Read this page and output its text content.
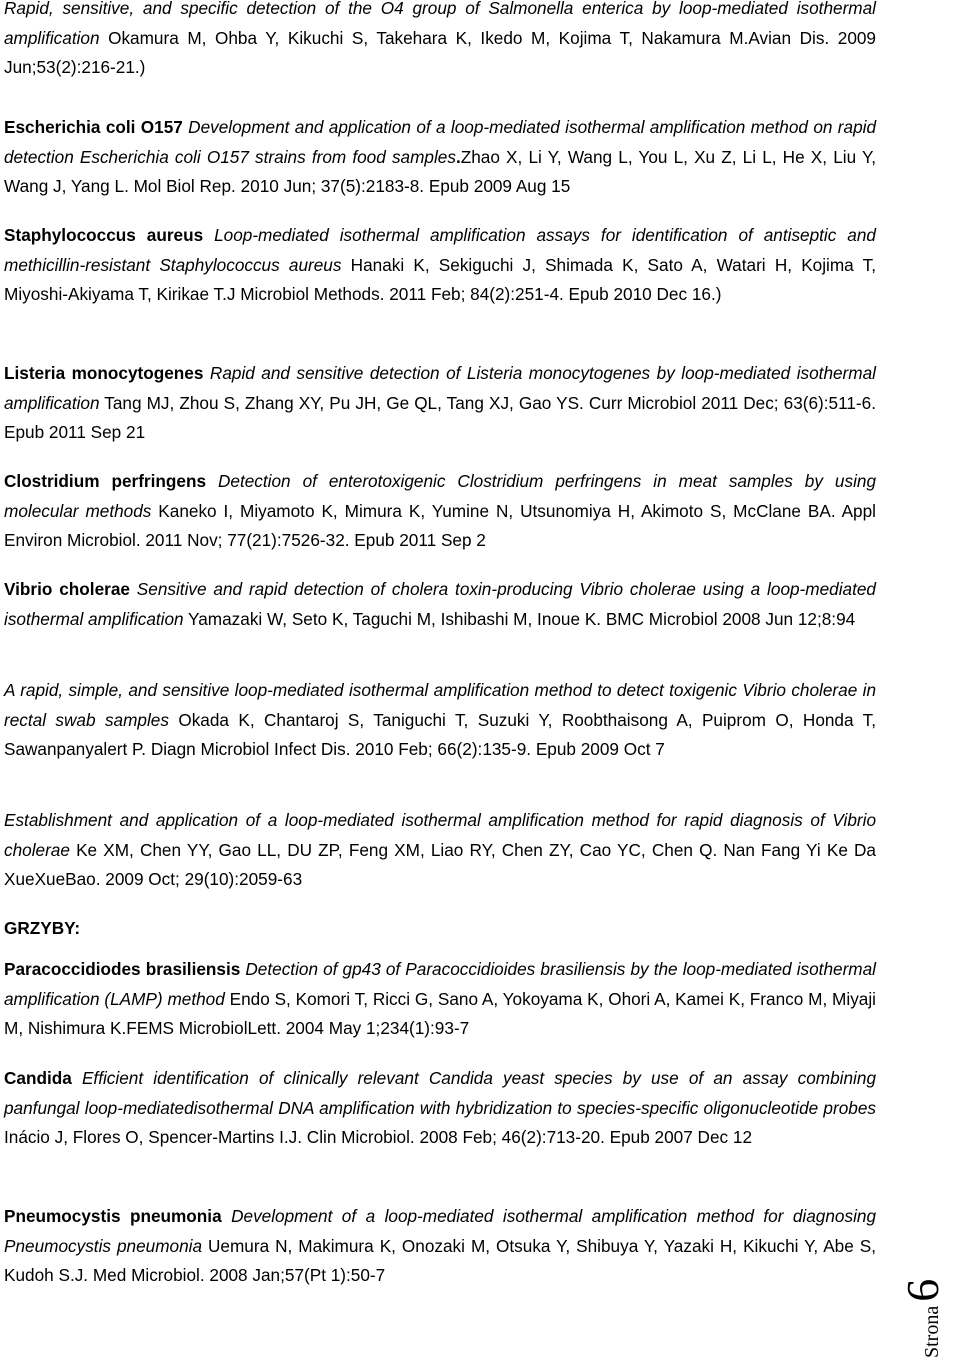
Rapid, sensitive, and specific detection of the O4 group of Salmonella enterica by loop-mediated isothermal amplification Okamura M, Ohba Y, Kikuchi S, Takehara K, Ikedo M, Kojima T, Nakamura M.Avian Dis. 2009 Jun;53(2):216-21.)

Escherichia coli O157 Development and application of a loop-mediated isothermal amplification method on rapid detection Escherichia coli O157 strains from food samples.Zhao X, Li Y, Wang L, You L, Xu Z, Li L, He X, Liu Y, Wang J, Yang L. Mol Biol Rep. 2010 Jun; 37(5):2183-8. Epub 2009 Aug 15

Staphylococcus aureus Loop-mediated isothermal amplification assays for identification of antiseptic and methicillin-resistant Staphylococcus aureus Hanaki K, Sekiguchi J, Shimada K, Sato A, Watari H, Kojima T, Miyoshi-Akiyama T, Kirikae T.J Microbiol Methods. 2011 Feb; 84(2):251-4. Epub 2010 Dec 16.)

Listeria monocytogenes Rapid and sensitive detection of Listeria monocytogenes by loop-mediated isothermal amplification Tang MJ, Zhou S, Zhang XY, Pu JH, Ge QL, Tang XJ, Gao YS. Curr Microbiol 2011 Dec; 63(6):511-6. Epub 2011 Sep 21

Clostridium perfringens Detection of enterotoxigenic Clostridium perfringens in meat samples by using molecular methods Kaneko I, Miyamoto K, Mimura K, Yumine N, Utsunomiya H, Akimoto S, McClane BA. Appl Environ Microbiol. 2011 Nov; 77(21):7526-32. Epub 2011 Sep 2

Vibrio cholerae Sensitive and rapid detection of cholera toxin-producing Vibrio cholerae using a loop-mediated isothermal amplification Yamazaki W, Seto K, Taguchi M, Ishibashi M, Inoue K. BMC Microbiol 2008 Jun 12;8:94

A rapid, simple, and sensitive loop-mediated isothermal amplification method to detect toxigenic Vibrio cholerae in rectal swab samples Okada K, Chantaroj S, Taniguchi T, Suzuki Y, Roobthaisong A, Puiprom O, Honda T, Sawanpanyalert P. Diagn Microbiol Infect Dis. 2010 Feb; 66(2):135-9. Epub 2009 Oct 7

Establishment and application of a loop-mediated isothermal amplification method for rapid diagnosis of Vibrio cholerae Ke XM, Chen YY, Gao LL, DU ZP, Feng XM, Liao RY, Chen ZY, Cao YC, Chen Q. Nan Fang Yi Ke Da XueXueBao. 2009 Oct; 29(10):2059-63

GRZYBY:

Paracoccidiodes brasiliensis Detection of gp43 of Paracoccidioides brasiliensis by the loop-mediated isothermal amplification (LAMP) method Endo S, Komori T, Ricci G, Sano A, Yokoyama K, Ohori A, Kamei K, Franco M, Miyaji M, Nishimura K.FEMS MicrobiolLett. 2004 May 1;234(1):93-7

Candida Efficient identification of clinically relevant Candida yeast species by use of an assay combining panfungal loop-mediatedisothermal DNA amplification with hybridization to species-specific oligonucleotide probes Inácio J, Flores O, Spencer-Martins I.J. Clin Microbiol. 2008 Feb; 46(2):713-20. Epub 2007 Dec 12

Pneumocystis pneumonia Development of a loop-mediated isothermal amplification method for diagnosing Pneumocystis pneumonia Uemura N, Makimura K, Onozaki M, Otsuka Y, Shibuya Y, Yazaki H, Kikuchi Y, Abe S, Kudoh S.J. Med Microbiol. 2008 Jan;57(Pt 1):50-7

Strona
6
